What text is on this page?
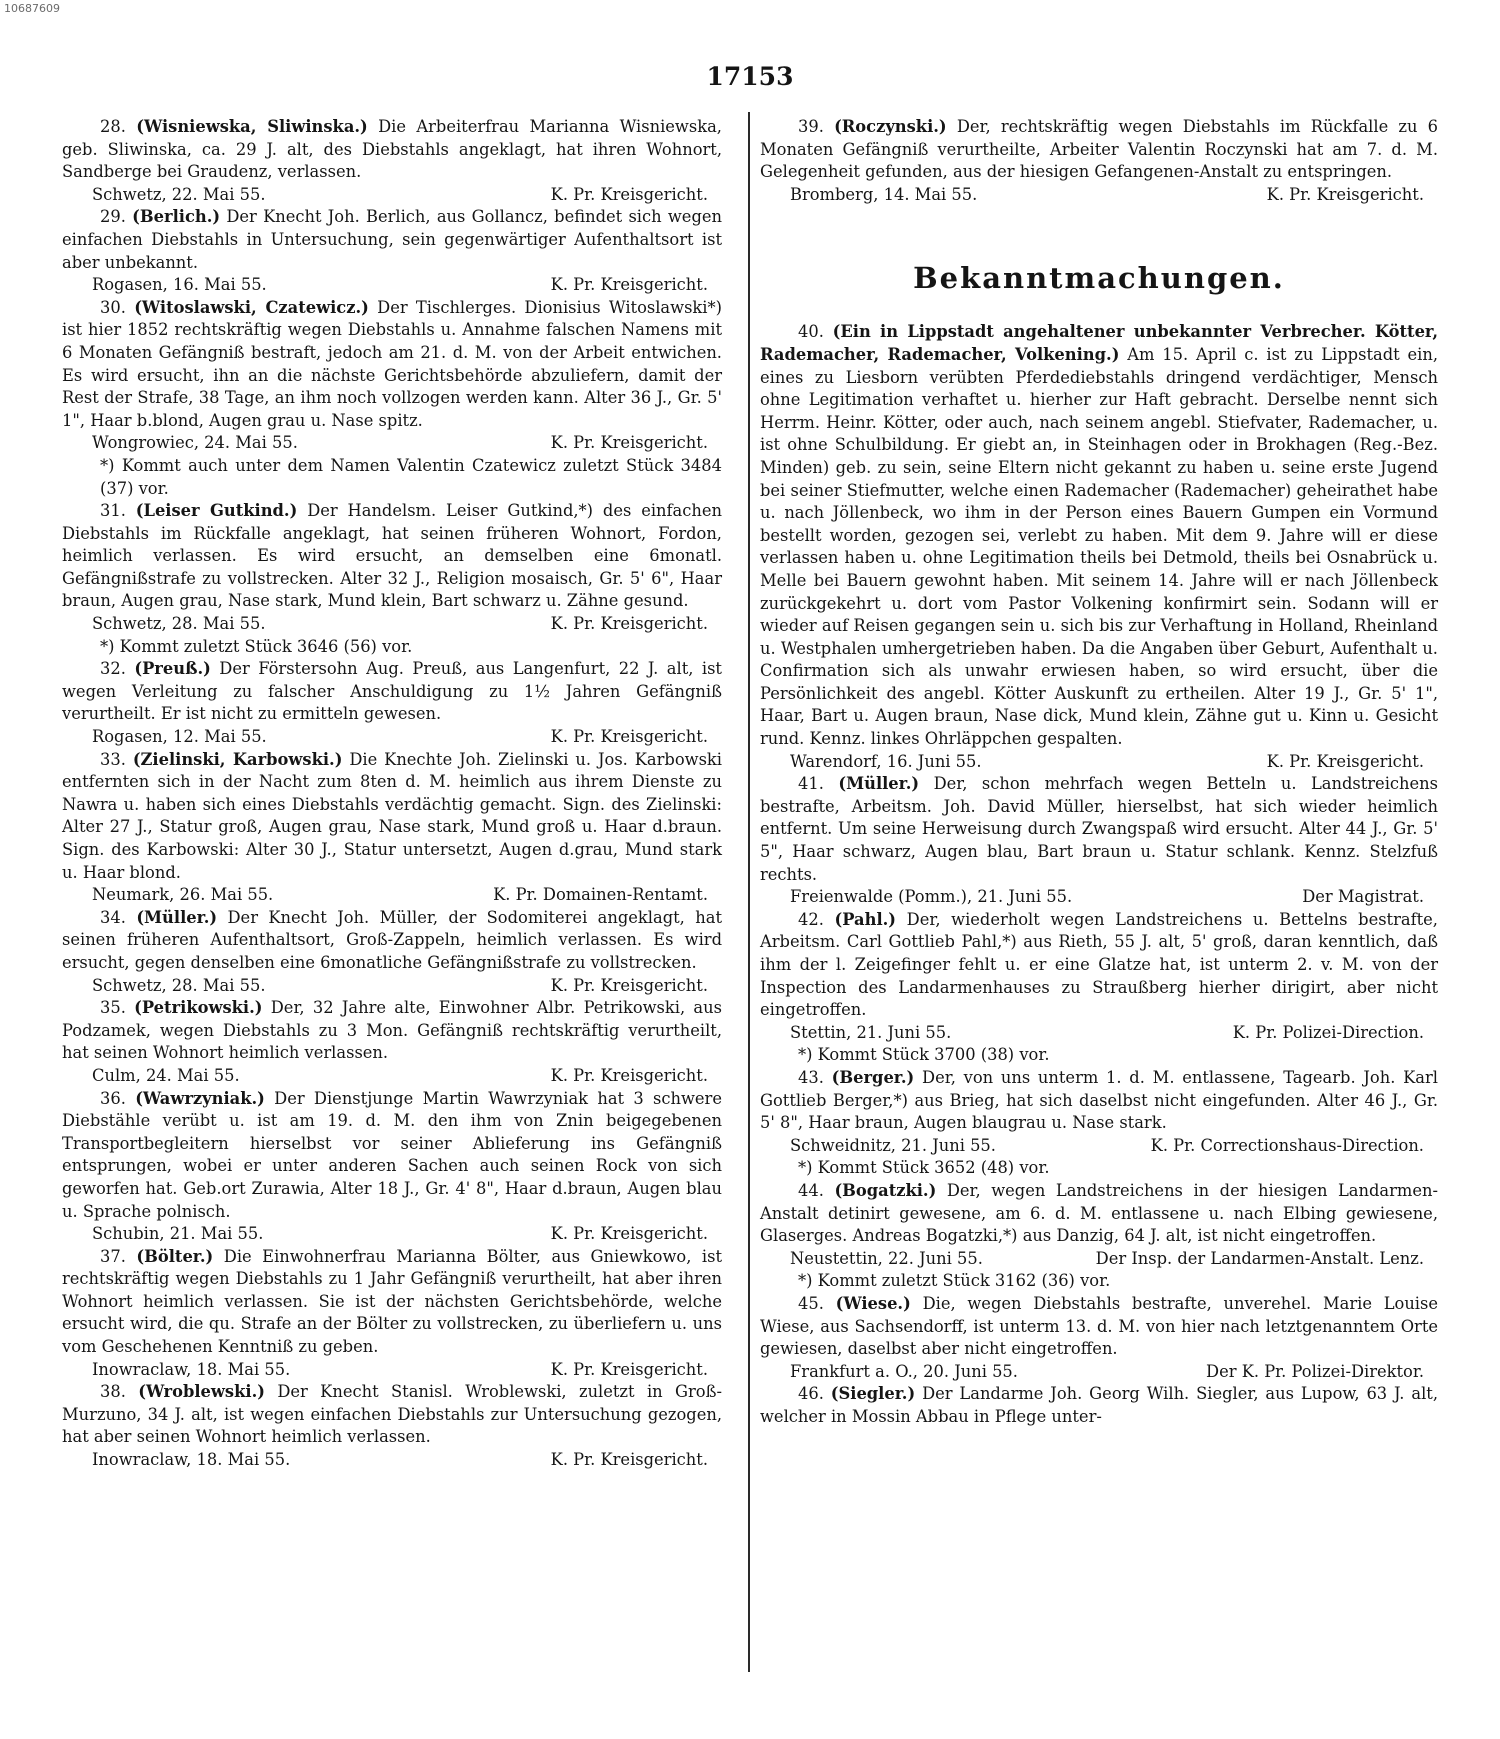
10687609
17153

28. (Wisniewska, Sliwinska.) Die Arbeiterfrau Marianna Wisniewska, geb. Sliwinska, ca. 29 J. alt, des Diebstahls angeklagt, hat ihren Wohnort, Sandberge bei Graudenz, verlassen.

Schwetz, 22. Mai 55.	K. Pr. Kreisgericht.

29. (Berlich.) Der Knecht Joh. Berlich, aus Gollancz, befindet sich wegen einfachen Diebstahls in Untersuchung, sein gegenwärtiger Aufenthaltsort ist aber unbekannt.

Rogasen, 16. Mai 55.	K. Pr. Kreisgericht.

30. (Witoslawski, Czatewicz.) Der Tischlerges. Dionisius Witoslawski*) ist hier 1852 rechtskräftig wegen Diebstahls u. Annahme falschen Namens mit 6 Monaten Gefängniß bestraft, jedoch am 21. d. M. von der Arbeit entwichen. Es wird ersucht, ihn an die nächste Gerichtsbehörde abzuliefern, damit der Rest der Strafe, 38 Tage, an ihm noch vollzogen werden kann. Alter 36 J., Gr. 5' 1", Haar b.blond, Augen grau u. Nase spitz.

Wongrowiec, 24. Mai 55.	K. Pr. Kreisgericht.

*) Kommt auch unter dem Namen Valentin Czatewicz zuletzt Stück 3484 (37) vor.

31. (Leiser Gutkind.) Der Handelsm. Leiser Gutkind,*) des einfachen Diebstahls im Rückfalle angeklagt, hat seinen früheren Wohnort, Fordon, heimlich verlassen. Es wird ersucht, an demselben eine 6monatl. Gefängnißstrafe zu vollstrecken. Alter 32 J., Religion mosaisch, Gr. 5' 6", Haar braun, Augen grau, Nase stark, Mund klein, Bart schwarz u. Zähne gesund.

Schwetz, 28. Mai 55.	K. Pr. Kreisgericht.

*) Kommt zuletzt Stück 3646 (56) vor.

32. (Preuß.) Der Förstersohn Aug. Preuß, aus Langenfurt, 22 J. alt, ist wegen Verleitung zu falscher Anschuldigung zu 1½ Jahren Gefängniß verurtheilt. Er ist nicht zu ermitteln gewesen.

Rogasen, 12. Mai 55.	K. Pr. Kreisgericht.

33. (Zielinski, Karbowski.) Die Knechte Joh. Zielinski u. Jos. Karbowski entfernten sich in der Nacht zum 8ten d. M. heimlich aus ihrem Dienste zu Nawra u. haben sich eines Diebstahls verdächtig gemacht. Sign. des Zielinski: Alter 27 J., Statur groß, Augen grau, Nase stark, Mund groß u. Haar d.braun. Sign. des Karbowski: Alter 30 J., Statur untersetzt, Augen d.grau, Mund stark u. Haar blond.

Neumark, 26. Mai 55.	K. Pr. Domainen-Rentamt.

34. (Müller.) Der Knecht Joh. Müller, der Sodomiterei angeklagt, hat seinen früheren Aufenthaltsort, Groß-Zappeln, heimlich verlassen. Es wird ersucht, gegen denselben eine 6monatliche Gefängnißstrafe zu vollstrecken.

Schwetz, 28. Mai 55.	K. Pr. Kreisgericht.

35. (Petrikowski.) Der, 32 Jahre alte, Einwohner Albr. Petrikowski, aus Podzamek, wegen Diebstahls zu 3 Mon. Gefängniß rechtskräftig verurtheilt, hat seinen Wohnort heimlich verlassen.

Culm, 24. Mai 55.	K. Pr. Kreisgericht.

36. (Wawrzyniak.) Der Dienstjunge Martin Wawrzyniak hat 3 schwere Diebstähle verübt u. ist am 19. d. M. den ihm von Znin beigegebenen Transportbegleitern hierselbst vor seiner Ablieferung ins Gefängniß entsprungen, wobei er unter anderen Sachen auch seinen Rock von sich geworfen hat. Geb.ort Zurawia, Alter 18 J., Gr. 4' 8", Haar d.braun, Augen blau u. Sprache polnisch.

Schubin, 21. Mai 55.	K. Pr. Kreisgericht.

37. (Bölter.) Die Einwohnerfrau Marianna Bölter, aus Gniewkowo, ist rechtskräftig wegen Diebstahls zu 1 Jahr Gefängniß verurtheilt, hat aber ihren Wohnort heimlich verlassen. Sie ist der nächsten Gerichtsbehörde, welche ersucht wird, die qu. Strafe an der Bölter zu vollstrecken, zu überliefern u. uns vom Geschehenen Kenntniß zu geben.

Inowraclaw, 18. Mai 55.	K. Pr. Kreisgericht.

38. (Wroblewski.) Der Knecht Stanisl. Wroblewski, zuletzt in Groß-Murzuno, 34 J. alt, ist wegen einfachen Diebstahls zur Untersuchung gezogen, hat aber seinen Wohnort heimlich verlassen.

Inowraclaw, 18. Mai 55.	K. Pr. Kreisgericht.

39. (Roczynski.) Der, rechtskräftig wegen Diebstahls im Rückfalle zu 6 Monaten Gefängniß verurtheilte, Arbeiter Valentin Roczynski hat am 7. d. M. Gelegenheit gefunden, aus der hiesigen Gefangenen-Anstalt zu entspringen.

Bromberg, 14. Mai 55.	K. Pr. Kreisgericht.
Bekanntmachungen.

40. (Ein in Lippstadt angehaltener unbekannter Verbrecher. Kötter, Rademacher, Rademacher, Volkening.) Am 15. April c. ist zu Lippstadt ein, eines zu Liesborn verübten Pferdediebstahls dringend verdächtiger, Mensch ohne Legitimation verhaftet u. hierher zur Haft gebracht. Derselbe nennt sich Herrm. Heinr. Kötter, oder auch, nach seinem angebl. Stiefvater, Rademacher, u. ist ohne Schulbildung. Er giebt an, in Steinhagen oder in Brokhagen (Reg.-Bez. Minden) geb. zu sein, seine Eltern nicht gekannt zu haben u. seine erste Jugend bei seiner Stiefmutter, welche einen Rademacher (Rademacher) geheirathet habe u. nach Jöllenbeck, wo ihm in der Person eines Bauern Gumpen ein Vormund bestellt worden, gezogen sei, verlebt zu haben. Mit dem 9. Jahre will er diese verlassen haben u. ohne Legitimation theils bei Detmold, theils bei Osnabrück u. Melle bei Bauern gewohnt haben. Mit seinem 14. Jahre will er nach Jöllenbeck zurückgekehrt u. dort vom Pastor Volkening konfirmirt sein. Sodann will er wieder auf Reisen gegangen sein u. sich bis zur Verhaftung in Holland, Rheinland u. Westphalen umhergetrieben haben. Da die Angaben über Geburt, Aufenthalt u. Confirmation sich als unwahr erwiesen haben, so wird ersucht, über die Persönlichkeit des angebl. Kötter Auskunft zu ertheilen. Alter 19 J., Gr. 5' 1", Haar, Bart u. Augen braun, Nase dick, Mund klein, Zähne gut u. Kinn u. Gesicht rund. Kennz. linkes Ohrläppchen gespalten.

Warendorf, 16. Juni 55.	K. Pr. Kreisgericht.

41. (Müller.) Der, schon mehrfach wegen Betteln u. Landstreichens bestrafte, Arbeitsm. Joh. David Müller, hierselbst, hat sich wieder heimlich entfernt. Um seine Herweisung durch Zwangspaß wird ersucht. Alter 44 J., Gr. 5' 5", Haar schwarz, Augen blau, Bart braun u. Statur schlank. Kennz. Stelzfuß rechts.

Freienwalde (Pomm.), 21. Juni 55.	Der Magistrat.

42. (Pahl.) Der, wiederholt wegen Landstreichens u. Bettelns bestrafte, Arbeitsm. Carl Gottlieb Pahl,*) aus Rieth, 55 J. alt, 5' groß, daran kenntlich, daß ihm der l. Zeigefinger fehlt u. er eine Glatze hat, ist unterm 2. v. M. von der Inspection des Landarmenhauses zu Straußberg hierher dirigirt, aber nicht eingetroffen.

Stettin, 21. Juni 55.	K. Pr. Polizei-Direction.

*) Kommt Stück 3700 (38) vor.

43. (Berger.) Der, von uns unterm 1. d. M. entlassene, Tagearb. Joh. Karl Gottlieb Berger,*) aus Brieg, hat sich daselbst nicht eingefunden. Alter 46 J., Gr. 5' 8", Haar braun, Augen blaugrau u. Nase stark.

Schweidnitz, 21. Juni 55.	K. Pr. Correctionshaus-Direction.

*) Kommt Stück 3652 (48) vor.

44. (Bogatzki.) Der, wegen Landstreichens in der hiesigen Landarmen-Anstalt detinirt gewesene, am 6. d. M. entlassene u. nach Elbing gewiesene, Glaserges. Andreas Bogatzki,*) aus Danzig, 64 J. alt, ist nicht eingetroffen.

Neustettin, 22. Juni 55.	Der Insp. der Landarmen-Anstalt. Lenz.

*) Kommt zuletzt Stück 3162 (36) vor.

45. (Wiese.) Die, wegen Diebstahls bestrafte, unverehel. Marie Louise Wiese, aus Sachsendorff, ist unterm 13. d. M. von hier nach letztgenanntem Orte gewiesen, daselbst aber nicht eingetroffen.

Frankfurt a. O., 20. Juni 55.	Der K. Pr. Polizei-Direktor.

46. (Siegler.) Der Landarme Joh. Georg Wilh. Siegler, aus Lupow, 63 J. alt, welcher in Mossin Abbau in Pflege unter-
